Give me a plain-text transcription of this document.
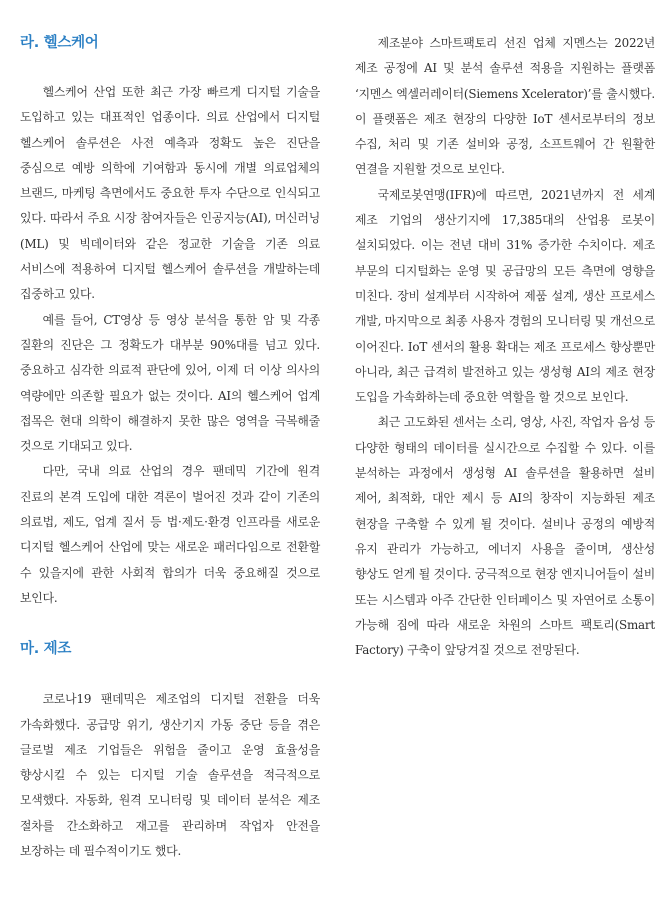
라. 헬스케어

헬스케어 산업 또한 최근 가장 빠르게 디지털 기술을 도입하고 있는 대표적인 업종이다. 의료 산업에서 디지털 헬스케어 솔루션은 사전 예측과 정확도 높은 진단을 중심으로 예방 의학에 기여함과 동시에 개별 의료업체의 브랜드, 마케팅 측면에서도 중요한 투자 수단으로 인식되고 있다. 따라서 주요 시장 참여자들은 인공지능(AI), 머신러닝(ML) 및 빅데이터와 같은 정교한 기술을 기존 의료 서비스에 적용하여 디지털 헬스케어 솔루션을 개발하는데 집중하고 있다.

예를 들어, CT영상 등 영상 분석을 통한 암 및 각종 질환의 진단은 그 정확도가 대부분 90%대를 넘고 있다. 중요하고 심각한 의료적 판단에 있어, 이제 더 이상 의사의 역량에만 의존할 필요가 없는 것이다. AI의 헬스케어 업계 접목은 현대 의학이 해결하지 못한 많은 영역을 극복해줄 것으로 기대되고 있다.

다만, 국내 의료 산업의 경우 팬데믹 기간에 원격 진료의 본격 도입에 대한 격론이 벌어진 것과 같이 기존의 의료법, 제도, 업계 질서 등 법·제도·환경 인프라를 새로운 디지털 헬스케어 산업에 맞는 새로운 패러다임으로 전환할 수 있을지에 관한 사회적 합의가 더욱 중요해질 것으로 보인다.

마. 제조

코로나19 팬데믹은 제조업의 디지털 전환을 더욱 가속화했다. 공급망 위기, 생산기지 가동 중단 등을 겪은 글로벌 제조 기업들은 위험을 줄이고 운영 효율성을 향상시킬 수 있는 디지털 기술 솔루션을 적극적으로 모색했다. 자동화, 원격 모니터링 및 데이터 분석은 제조 절차를 간소화하고 재고를 관리하며 작업자 안전을 보장하는 데 필수적이기도 했다.

제조분야 스마트팩토리 선진 업체 지멘스는 2022년 제조 공정에 AI 및 분석 솔루션 적용을 지원하는 플랫폼 ‘지멘스 엑셀러레이터(Siemens Xcelerator)’를 출시했다. 이 플랫폼은 제조 현장의 다양한 IoT 센서로부터의 정보 수집, 처리 및 기존 설비와 공정, 소프트웨어 간 원활한 연결을 지원할 것으로 보인다.

국제로봇연맹(IFR)에 따르면, 2021년까지 전 세계 제조 기업의 생산기지에 17,385대의 산업용 로봇이 설치되었다. 이는 전년 대비 31% 증가한 수치이다. 제조 부문의 디지털화는 운영 및 공급망의 모든 측면에 영향을 미친다. 장비 설계부터 시작하여 제품 설계, 생산 프로세스 개발, 마지막으로 최종 사용자 경험의 모니터링 및 개선으로 이어진다. IoT 센서의 활용 확대는 제조 프로세스 향상뿐만 아니라, 최근 급격히 발전하고 있는 생성형 AI의 제조 현장 도입을 가속화하는데 중요한 역할을 할 것으로 보인다.

최근 고도화된 센서는 소리, 영상, 사진, 작업자 음성 등 다양한 형태의 데이터를 실시간으로 수집할 수 있다. 이를 분석하는 과정에서 생성형 AI 솔루션을 활용하면 설비 제어, 최적화, 대안 제시 등 AI의 창작이 지능화된 제조 현장을 구축할 수 있게 될 것이다. 설비나 공정의 예방적 유지 관리가 가능하고, 에너지 사용을 줄이며, 생산성 향상도 얻게 될 것이다. 궁극적으로 현장 엔지니어들이 설비 또는 시스템과 아주 간단한 인터페이스 및 자연어로 소통이 가능해 짐에 따라 새로운 차원의 스마트 팩토리(Smart Factory) 구축이 앞당겨질 것으로 전망된다.
